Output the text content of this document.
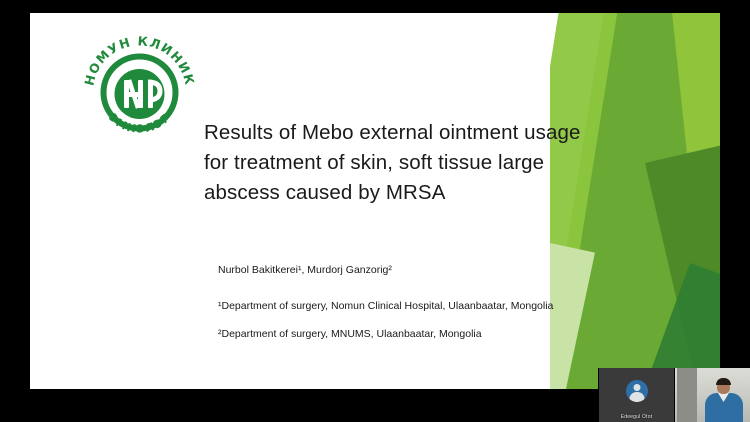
НОМУН КЛИНИК
ЭМНЭЛЭГ
Results of Mebo external ointment usage
for treatment of skin, soft tissue large
abscess caused by MRSA
Nurbol Bakitkerei¹, Murdorj Ganzorig²
¹Department of surgery, Nomun Clinical Hospital, Ulaanbaatar, Mongolia
²Department of surgery, MNUMS, Ulaanbaatar, Mongolia
Edeegul Otot
